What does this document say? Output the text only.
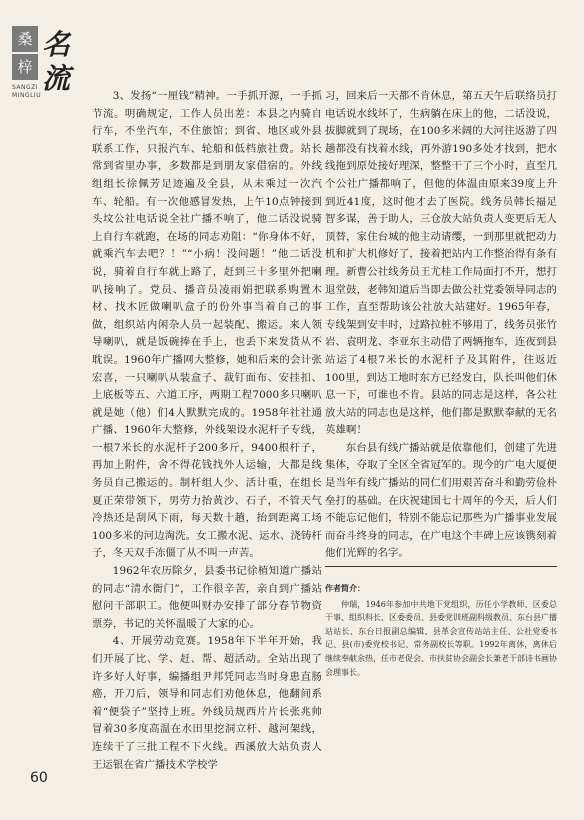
桑
梓
名
流
SANGZI
MINGLIU	3、发扬“一厘钱”精神。一手抓开源，一手抓节流。明确规定，工作人员出差：本县之内骑自行车，不坐汽车，不住旅馆；到省、地区或外县联系工作，只报汽车、轮船和低档旅社费。站长常到省里办事，多数都是到朋友家借宿的。外线组组长徐佩芳足迹遍及全县，从未乘过一次汽车、轮船。有一次他感冒发热，上午10点钟接到头坟公社电话说全社广播不响了，他二话没说骑上自行车就跑，在场的同志劝阻：“你身体不好，就乘汽车去吧？！”“小病！没问题！”他二话没说，骑着自行车就上路了，赶到三十多里外把喇叭接响了。党员、播音员凌雨娟把联系购置木材、找木匠做喇叭盒子的份外事当着自己的事做，组织站内闲杂人员一起装配、搬运。来人领导喇叭，就是饭碗捧在手上，也丢下来发货从不耽误。1960年广播网大整修，她和后来的会计张宏喜，一只喇叭从装盒子、裁钉面布、安挂扣、上底板等五、六道工序，两期工程7000多只喇叭就是她（他）们4人默默完成的。1958年社社通广播、1960年大整修，外线架设水泥杆子专线，一根7米长的水泥杆子200多斤，9400根杆子，再加上附件，舍不得花钱找外人运输，大都是线务员自己搬运的。制杆组人少、活计重，在组长夏正荣带领下，男劳力抬黄沙、石子，不管天气冷热还是刮风下雨，每天数十趟，抬到距离工场100多米的河边淘洗。女工搬水泥、运水、浇铸杆子，冬天双手冻僵了从不叫一声苦。

1962年农历除夕，县委书记徐植知道广播站的同志“清水衙门”，工作很辛苦，亲自到广播站慰问干部职工。他便叫财办安排了部分春节物资票券，书记的关怀温暖了大家的心。

4、开展劳动竞赛。1958年下半年开始，我们开展了比、学、赶、帮、超活动。全站出现了许多好人好事，编播组尹邦凭同志当时身患直肠癌，开刀后，领导和同志们劝他休息，他翻间系着“便袋子”坚持上班。外线员规西片片长张兆帅冒着30多度高温在水田里挖洞立杆、越河架线，连续干了三批工程不下火线。西溪放大站负责人王运银在省广播技术学校学

习，回来后一天都不肯休息，第五天午后联络员打电话说水线坏了，生病躺在床上的他，二话没说，拔脚就到了现场，在100多米阔的大河往返游了四趟都没有找着水线，再外游190多处才找到，把水线拖到原处接好理深，整整干了三个小时，直至几个公社广播都响了，但他的体温由原来39度上升到近41度，这时他才去了医院。线务员韩长福足智多谋，善于助人，三仓放大站负责人变更后无人顶替，家住台城的他主动请缨，一到那里就把动力机和扩大机修好了，接着把站内工作整治得有条有理。新曹公社线务员王尤桂工作局面打不开，想打退堂鼓，老韩知道后当即去做公社党委领导同志的工作，直至帮助该公社放大站建好。1965年春，专线架到安丰时，过路拉桩不够用了，线务员张竹岩、袁明龙、李亚东主动借了两辆拖车，连夜到县站运了4根7米长的水泥杆子及其附件，往返近100里，到达工地时东方已经发白，队长叫他们休息一下，可谁也不肯。县站的同志是这样，各公社放大站的同志也是这样，他们都是默默奉献的无名英雄啊！

东台县有线广播站就是依靠他们，创建了先进集体，夺取了全区全省冠军的。现今的广电大厦便是当年有线广播站的同仁们用艰苦奋斗和勤劳俭朴垒打的基础。在庆祝建国七十周年的今天，后人们不能忘记他们，特别不能忘记那些为广播事业发展而奋斗终身的同志，在广电这个丰碑上应该镌刻着他们光辉的名字。

作者简介：
仲瑞，1946年参加中共地下党组织，历任小学教师、区委总干事、组织科长、区委委员、县委党训班副科级教员、东台县广播站站长、东台日报副总编辑、县革会宣传站站主任、公社党委书记、县(市)委党校书记、常务副校长等职。1992年离休，离休后继续奉献余热，任市老促会、市扶贫协会副会长兼老干部诗书画协会理事长。
60
